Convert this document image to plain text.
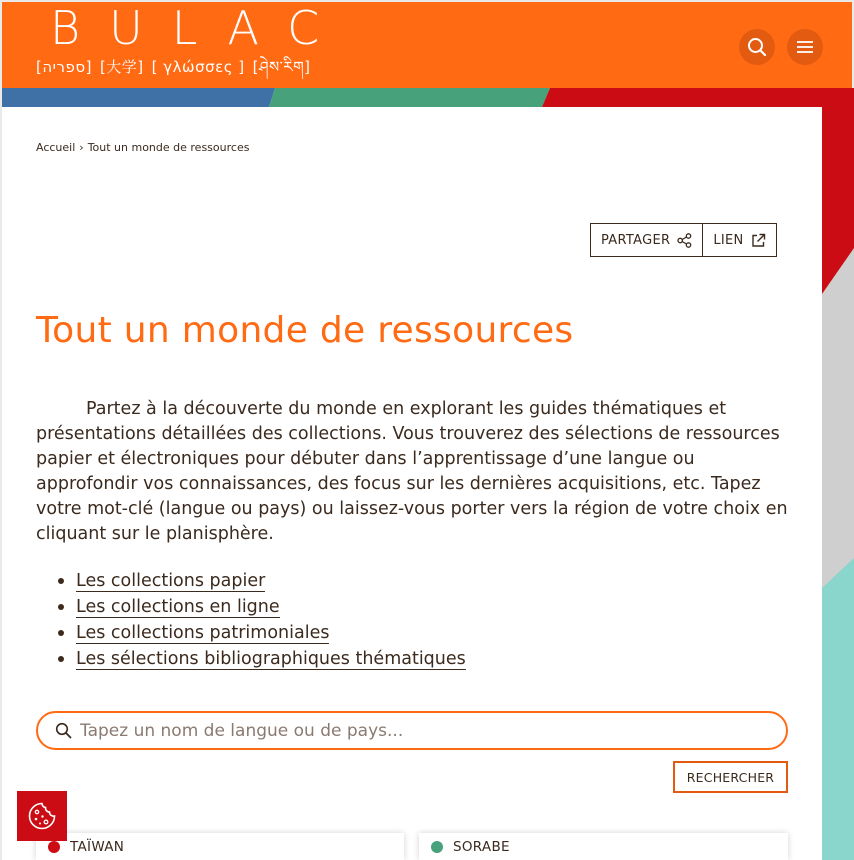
BULAC
[ספריה] [大学] [ γλώσσες ] [ཤེས་རིག]
Accueil › Tout un monde de ressources
PARTAGER	LIEN
Tout un monde de ressources

Partez à la découverte du monde en explorant les guides thématiques et présentations détaillées des collections. Vous trouverez des sélections de ressources papier et électroniques pour débuter dans l’apprentissage d’une langue ou approfondir vos connaissances, des focus sur les dernières acquisitions, etc. Tapez votre mot-clé (langue ou pays) ou laissez-vous porter vers la région de votre choix en cliquant sur le planisphère.

Les collections papier
Les collections en ligne
Les collections patrimoniales
Les sélections bibliographiques thématiques
Tapez un nom de langue ou de pays...
RECHERCHER
TAÏWAN	SORABE
